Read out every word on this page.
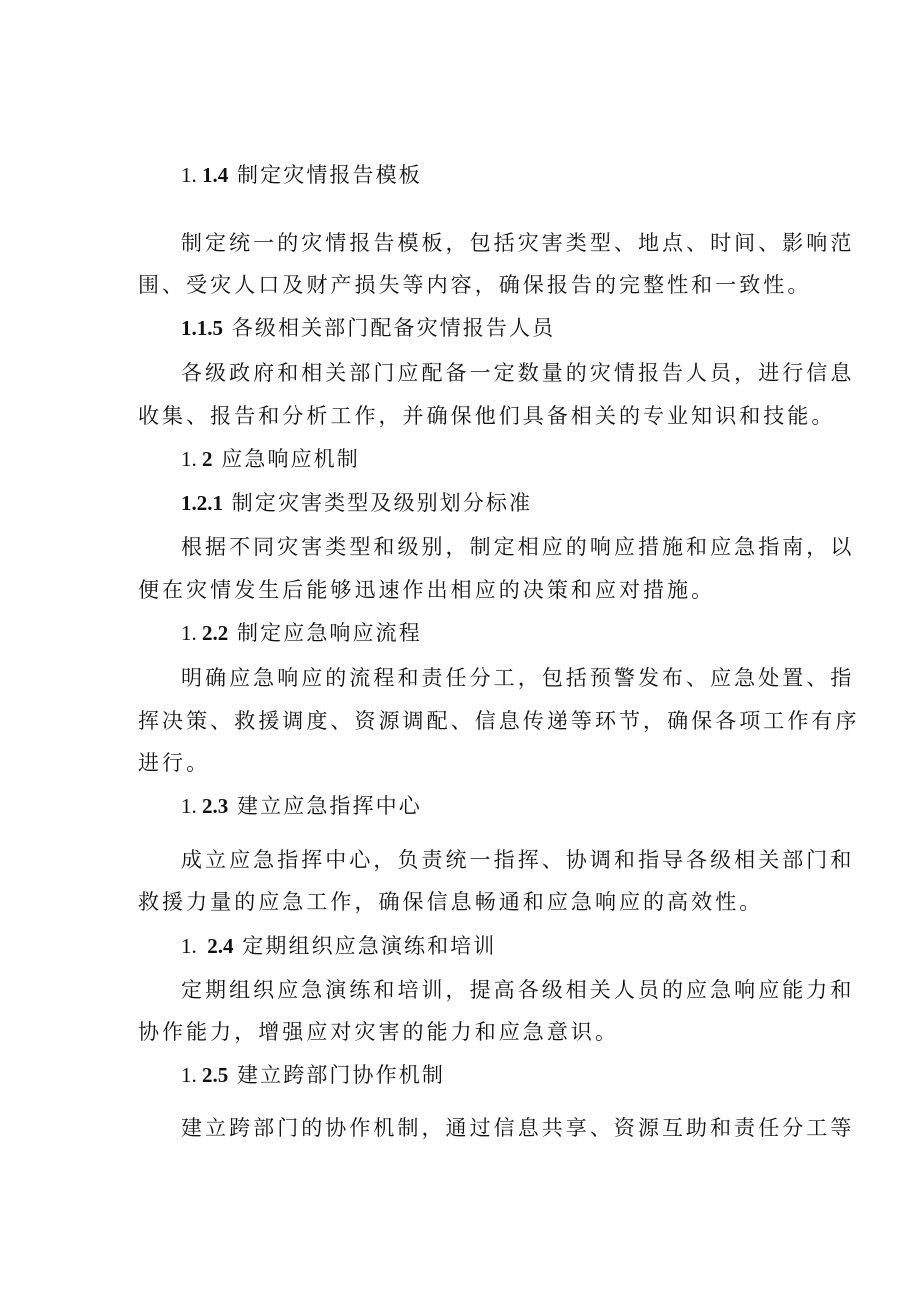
1. 1.4 制定灾情报告模板
制定统一的灾情报告模板，包括灾害类型、地点、时间、影响范
围、受灾人口及财产损失等内容，确保报告的完整性和一致性。
1.1.5 各级相关部门配备灾情报告人员
各级政府和相关部门应配备一定数量的灾情报告人员，进行信息
收集、报告和分析工作，并确保他们具备相关的专业知识和技能。
1. 2 应急响应机制
1.2.1 制定灾害类型及级别划分标准
根据不同灾害类型和级别，制定相应的响应措施和应急指南，以
便在灾情发生后能够迅速作出相应的决策和应对措施。
1. 2.2 制定应急响应流程
明确应急响应的流程和责任分工，包括预警发布、应急处置、指
挥决策、救援调度、资源调配、信息传递等环节，确保各项工作有序
进行。
1. 2.3 建立应急指挥中心
成立应急指挥中心，负责统一指挥、协调和指导各级相关部门和
救援力量的应急工作，确保信息畅通和应急响应的高效性。
1.  2.4 定期组织应急演练和培训
定期组织应急演练和培训，提高各级相关人员的应急响应能力和
协作能力，增强应对灾害的能力和应急意识。
1. 2.5 建立跨部门协作机制
建立跨部门的协作机制，通过信息共享、资源互助和责任分工等
